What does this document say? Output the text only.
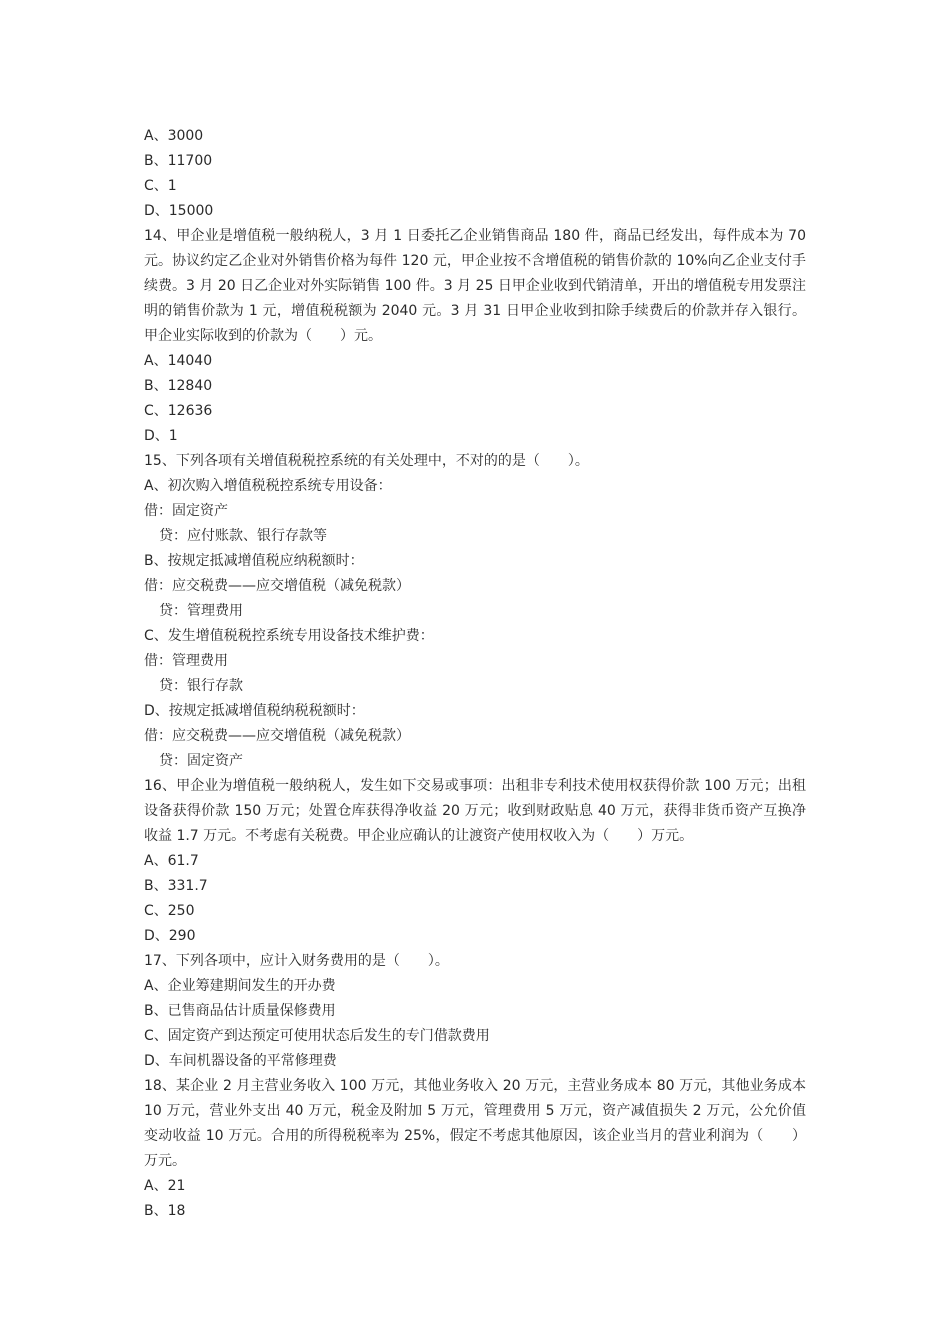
A、3000
B、11700
C、1
D、15000
14、甲企业是增值税一般纳税人，3 月 1 日委托乙企业销售商品 180 件，商品已经发出，每件成本为 70 元。协议约定乙企业对外销售价格为每件 120 元，甲企业按不含增值税的销售价款的 10%向乙企业支付手续费。3 月 20 日乙企业对外实际销售 100 件。3 月 25 日甲企业收到代销清单，开出的增值税专用发票注明的销售价款为 1 元，增值税税额为 2040 元。3 月 31 日甲企业收到扣除手续费后的价款并存入银行。甲企业实际收到的价款为（　　）元。
A、14040
B、12840
C、12636
D、1
15、下列各项有关增值税税控系统的有关处理中，不对的的是（　　）。
A、初次购入增值税税控系统专用设备：
借：固定资产
贷：应付账款、银行存款等
B、按规定抵减增值税应纳税额时：
借：应交税费——应交增值税（减免税款）
贷：管理费用
C、发生增值税税控系统专用设备技术维护费：
借：管理费用
贷：银行存款
D、按规定抵减增值税纳税税额时：
借：应交税费——应交增值税（减免税款）
贷：固定资产
16、甲企业为增值税一般纳税人，发生如下交易或事项：出租非专利技术使用权获得价款 100 万元；出租设备获得价款 150 万元；处置仓库获得净收益 20 万元；收到财政贴息 40 万元，获得非货币资产互换净收益 1.7 万元。不考虑有关税费。甲企业应确认的让渡资产使用权收入为（　　）万元。
A、61.7
B、331.7
C、250
D、290
17、下列各项中，应计入财务费用的是（　　）。
A、企业筹建期间发生的开办费
B、已售商品估计质量保修费用
C、固定资产到达预定可使用状态后发生的专门借款费用
D、车间机器设备的平常修理费
18、某企业 2 月主营业务收入 100 万元，其他业务收入 20 万元，主营业务成本 80 万元，其他业务成本 10 万元，营业外支出 40 万元，税金及附加 5 万元，管理费用 5 万元，资产减值损失 2 万元，公允价值变动收益 10 万元。合用的所得税税率为 25%，假定不考虑其他原因，该企业当月的营业利润为（　　）万元。
A、21
B、18
